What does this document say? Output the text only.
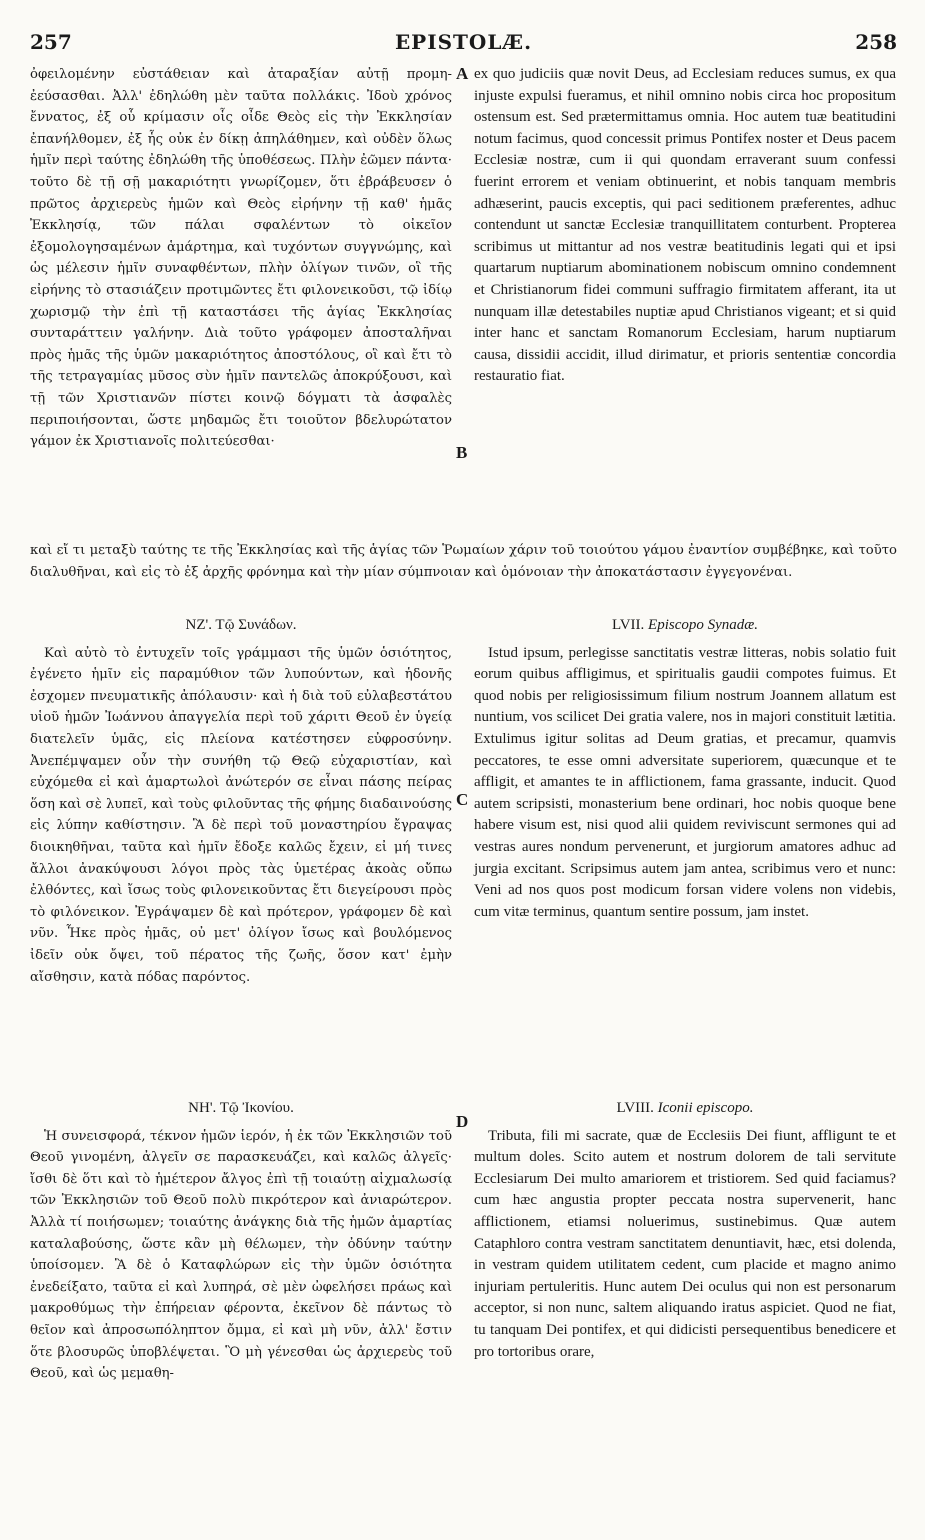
257	EPISTOLÆ.	258

ὀφειλομένην εὐστάθειαν καὶ ἀταραξίαν αὐτῇ προμη-ἐεύσασθαι. Ἀλλ' ἐδηλώθη μὲν ταῦτα πολλάκις. Ἰδοὺ χρόνος ἔννατος, ἐξ οὗ κρίμασιν οἷς οἶδε Θεὸς εἰς τὴν Ἐκκλησίαν ἐπανήλθομεν, ἐξ ἧς οὐκ ἐν δίκῃ ἀπηλάθημεν, καὶ οὐδὲν ὅλως ἡμῖν περὶ ταύτης ἐδηλώθη τῆς ὑποθέσεως. Πλὴν ἐῶμεν πάντα· τοῦτο δὲ τῇ σῇ μακαριότητι γνωρίζομεν, ὅτι ἐβράβευσεν ὁ πρῶτος ἀρχιερεὺς ἡμῶν καὶ Θεὸς εἰρήνην τῇ καθ' ἡμᾶς Ἐκκλησίᾳ, τῶν πάλαι σφαλέντων τὸ οἰκεῖον ἐξομολογησαμένων ἁμάρτημα, καὶ τυχόντων συγγνώμης, καὶ ὡς μέλεσιν ἡμῖν συναφθέντων, πλὴν ὀλίγων τινῶν, οἳ τῆς εἰρήνης τὸ στασιάζειν προτιμῶντες ἔτι φιλονεικοῦσι, τῷ ἰδίῳ χωρισμῷ τὴν ἐπὶ τῇ καταστάσει τῆς ἁγίας Ἐκκλησίας συνταράττειν γαλήνην. Διὰ τοῦτο γράφομεν ἀποσταλῆναι πρὸς ἡμᾶς τῆς ὑμῶν μακαριότητος ἀποστόλους, οἳ καὶ ἔτι τὸ τῆς τετραγαμίας μῦσος σὺν ἡμῖν παντελῶς ἀποκρύξουσι, καὶ τῇ τῶν Χριστιανῶν πίστει κοινῷ δόγματι τὰ ἀσφαλὲς περιποιήσονται, ὥστε μηδαμῶς ἔτι τοιοῦτον βδελυρώτατον γάμον ἐκ Χριστιανοῖς πολιτεύεσθαι·

ex quo judiciis quæ novit Deus, ad Ecclesiam reduces sumus, ex qua injuste expulsi fueramus, et nihil omnino nobis circa hoc propositum ostensum est. Sed prætermittamus omnia. Hoc autem tuæ beatitudini notum facimus, quod concessit primus Pontifex noster et Deus pacem Ecclesiæ nostræ, cum ii qui quondam erraverant suum confessi fuerint errorem et veniam obtinuerint, et nobis tanquam membris adhæserint, paucis exceptis, qui paci seditionem præferentes, adhuc contendunt ut sanctæ Ecclesiæ tranquillitatem conturbent. Propterea scribimus ut mittantur ad nos vestræ beatitudinis legati qui et ipsi quartarum nuptiarum abominationem nobiscum omnino condemnent et Christianorum fidei communi suffragio firmitatem afferant, ita ut nunquam illæ detestabiles nuptiæ apud Christianos vigeant; et si quid inter hanc et sanctam Romanorum Ecclesiam, harum nuptiarum causa, dissidii accidit, illud dirimatur, et prioris sententiæ concordia restauratio fiat.

A
B
καὶ εἴ τι μεταξὺ ταύτης τε τῆς Ἐκκλησίας καὶ τῆς ἁγίας τῶν Ῥωμαίων χάριν τοῦ τοιούτου γάμου ἐναντίον συμβέβηκε, καὶ τοῦτο διαλυθῆναι, καὶ εἰς τὸ ἐξ ἀρχῆς φρόνημα καὶ τὴν μίαν σύμπνοιαν καὶ ὁμόνοιαν τὴν ἀποκατάστασιν ἐγγεγονέναι.

ΝΖ'. Τῷ Συνάδων.

Καὶ αὐτὸ τὸ ἐντυχεῖν τοῖς γράμμασι τῆς ὑμῶν ὁσιότητος, ἐγένετο ἡμῖν εἰς παραμύθιον τῶν λυπούντων, καὶ ἡδονῆς ἐσχομεν πνευματικῆς ἀπόλαυσιν· καὶ ἡ διὰ τοῦ εὐλαβεστάτου υἱοῦ ἡμῶν Ἰωάννου ἀπαγγελία περὶ τοῦ χάριτι Θεοῦ ἐν ὑγείᾳ διατελεῖν ὑμᾶς, εἰς πλείονα κατέστησεν εὐφροσύνην. Ἀνεπέμψαμεν οὖν τὴν συνήθη τῷ Θεῷ εὐχαριστίαν, καὶ εὐχόμεθα εἰ καὶ ἁμαρτωλοὶ ἀνώτερόν σε εἶναι πάσης πείρας ὅση καὶ σὲ λυπεῖ, καὶ τοὺς φιλοῦντας τῆς φήμης διαδαινούσης εἰς λύπην καθίστησιν. Ἃ δὲ περὶ τοῦ μοναστηρίου ἔγραψας διοικηθῆναι, ταῦτα καὶ ἡμῖν ἔδοξε καλῶς ἔχειν, εἰ μή τινες ἄλλοι ἀνακύψουσι λόγοι πρὸς τὰς ὑμετέρας ἀκοὰς οὔπω ἐλθόντες, καὶ ἴσως τοὺς φιλονεικοῦντας ἔτι διεγείρουσι πρὸς τὸ φιλόνεικον. Ἐγράψαμεν δὲ καὶ πρότερον, γράφομεν δὲ καὶ νῦν. Ἧκε πρὸς ἡμᾶς, οὐ μετ' ὀλίγον ἴσως καὶ βουλόμενος ἰδεῖν οὐκ ὄψει, τοῦ πέρατος τῆς ζωῆς, ὅσον κατ' ἐμὴν αἴσθησιν, κατὰ πόδας παρόντος.

LVII. Episcopo Synadæ.

Istud ipsum, perlegisse sanctitatis vestræ litteras, nobis solatio fuit eorum quibus affligimus, et spiritualis gaudii compotes fuimus. Et quod nobis per religiosissimum filium nostrum Joannem allatum est nuntium, vos scilicet Dei gratia valere, nos in majori constituit lætitia. Extulimus igitur solitas ad Deum gratias, et precamur, quamvis peccatores, te esse omni adversitate superiorem, quæcunque et te affligit, et amantes te in afflictionem, fama grassante, inducit. Quod autem scripsisti, monasterium bene ordinari, hoc nobis quoque bene habere visum est, nisi quod alii quidem reviviscunt sermones qui ad vestras aures nondum pervenerunt, et jurgiorum amatores adhuc ad jurgia excitant. Scripsimus autem jam antea, scribimus vero et nunc: Veni ad nos quos post modicum forsan videre volens non videbis, cum vitæ terminus, quantum sentire possum, jam instet.

C

ΝΗ'. Τῷ Ἰκονίου.

Ἡ συνεισφορά, τέκνον ἡμῶν ἱερόν, ἡ ἐκ τῶν Ἐκκλησιῶν τοῦ Θεοῦ γινομένη, ἀλγεῖν σε παρασκευάζει, καὶ καλῶς ἀλγεῖς· ἴσθι δὲ ὅτι καὶ τὸ ἡμέτερον ἄλγος ἐπὶ τῇ τοιαύτῃ αἰχμαλωσίᾳ τῶν Ἐκκλησιῶν τοῦ Θεοῦ πολὺ πικρότερον καὶ ἀνιαρώτερον. Ἀλλὰ τί ποιήσωμεν; τοιαύτης ἀνάγκης διὰ τῆς ἡμῶν ἁμαρτίας καταλαβούσης, ὥστε κἂν μὴ θέλωμεν, τὴν ὀδύνην ταύτην ὑποίσομεν. Ἃ δὲ ὁ Καταφλώρων εἰς τὴν ὑμῶν ὁσιότητα ἐνεδείξατο, ταῦτα εἰ καὶ λυπηρά, σὲ μὲν ὠφελήσει πράως καὶ μακροθύμως τὴν ἐπήρειαν φέροντα, ἐκεῖνον δὲ πάντως τὸ θεῖον καὶ ἀπροσωπόληπτον ὄμμα, εἰ καὶ μὴ νῦν, ἀλλ' ἔστιν ὅτε βλοσυρῶς ὑποβλέψεται. Ὃ μὴ γένεσθαι ὡς ἀρχιερεὺς τοῦ Θεοῦ, καὶ ὡς μεμαθη-

LVIII. Iconii episcopo.

Tributa, fili mi sacrate, quæ de Ecclesiis Dei fiunt, affligunt te et multum doles. Scito autem et nostrum dolorem de tali servitute Ecclesiarum Dei multo amariorem et tristiorem. Sed quid faciamus? cum hæc angustia propter peccata nostra supervenerit, hanc afflictionem, etiamsi noluerimus, sustinebimus. Quæ autem Cataphloro contra vestram sanctitatem denuntiavit, hæc, etsi dolenda, in vestram quidem utilitatem cedent, cum placide et magno animo injuriam pertuleritis. Hunc autem Dei oculus qui non est personarum acceptor, si non nunc, saltem aliquando iratus aspiciet. Quod ne fiat, tu tanquam Dei pontifex, et qui didicisti persequentibus benedicere et pro tortoribus orare,

D
